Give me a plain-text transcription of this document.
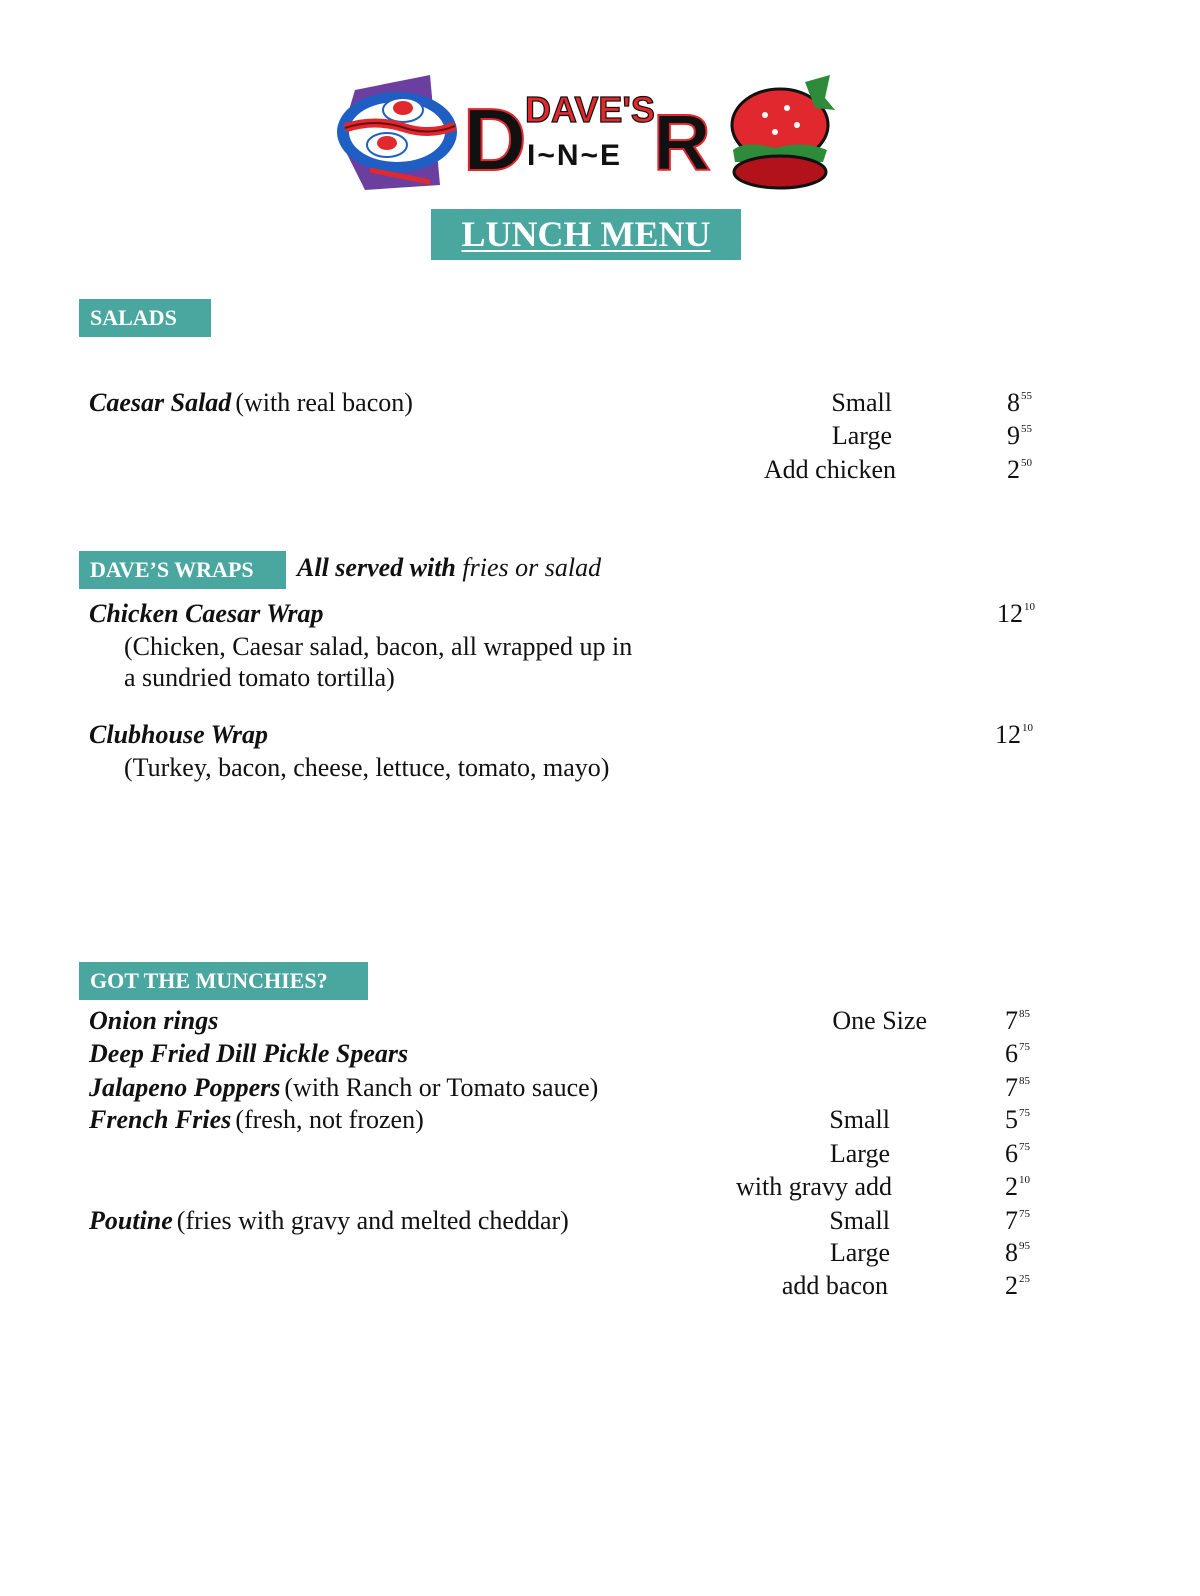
D
DAVE'S
I~N~E R
LUNCH MENU
SALADS
Caesar Salad (with real bacon)	Small	$8^{55}$
Large	$9^{55}$
Add chicken	$2^{50}$
DAVE’S WRAPS	All served with fries or salad
Chicken Caesar Wrap	$12^{10}$
(Chicken, Caesar salad, bacon, all wrapped up in
a sundried tomato tortilla)
Clubhouse Wrap	$12^{10}$
(Turkey, bacon, cheese, lettuce, tomato, mayo)
GOT THE MUNCHIES?
Onion rings	One Size	$7^{85}$
Deep Fried Dill Pickle Spears	$6^{75}$
Jalapeno Poppers (with Ranch or Tomato sauce)	$7^{85}$
French Fries (fresh, not frozen)	Small	$5^{75}$
Large	$6^{75}$
with gravy add	$2^{10}$
Poutine (fries with gravy and melted cheddar)	Small	$7^{75}$
Large	$8^{95}$
add bacon	$2^{25}$
